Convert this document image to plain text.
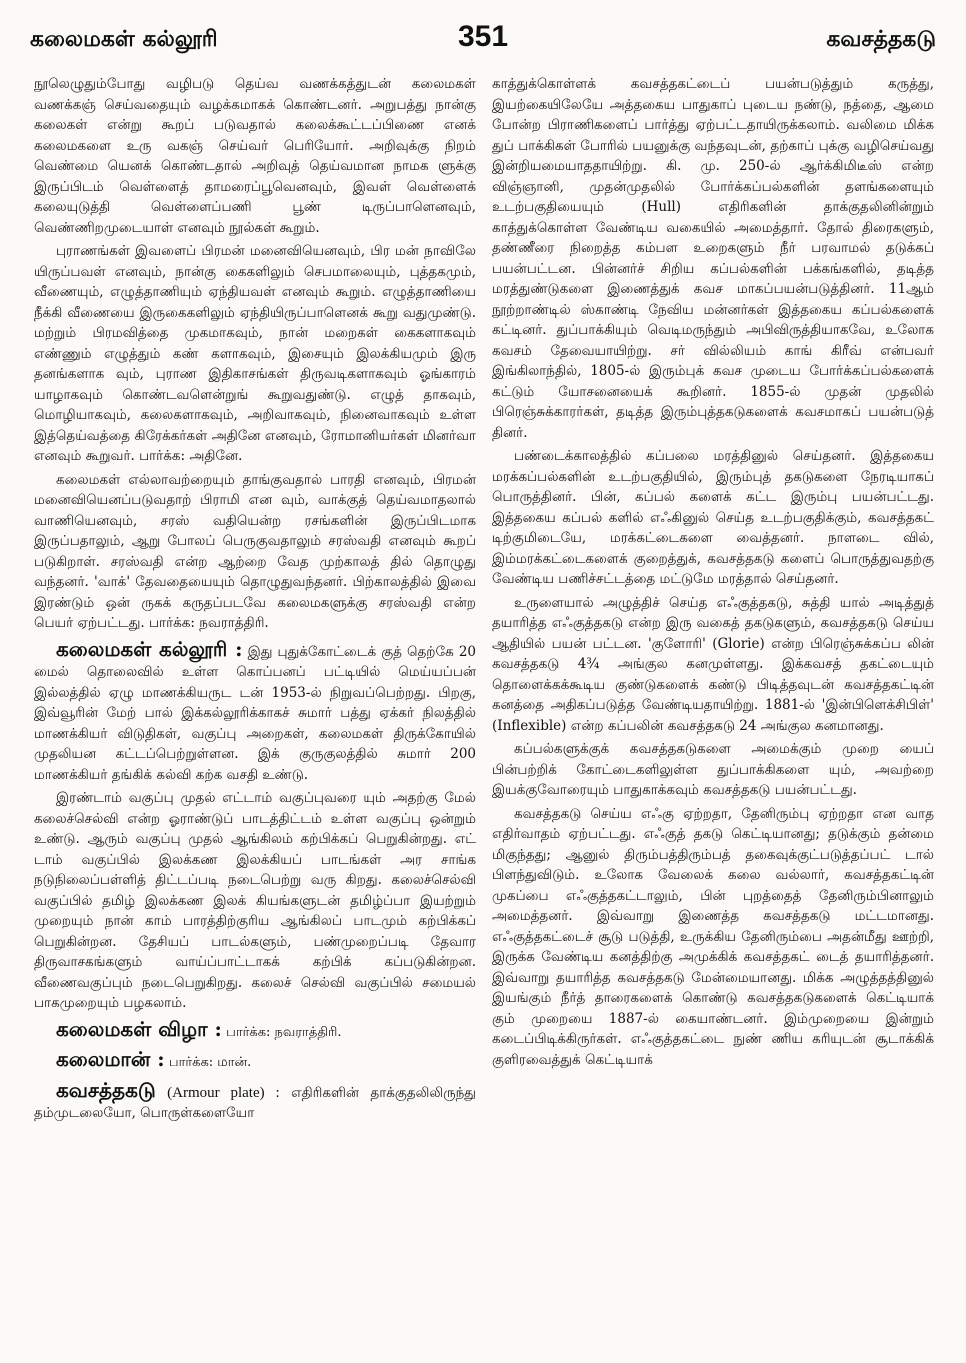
கலைமகள் கல்லூரி	351	கவசத்தகடு

நூலெழுதும்போது வழிபடு தெய்வ வணக்கத்துடன் கலைமகள் வணக்கஞ் செய்வதையும் வழக்கமாகக் கொண்டனர். அறுபத்து நான்கு கலைகள் என்று கூறப் படுவதால் கலைக்கூட்டப்பிணை எனக் கலைமகளை உரு வகஞ் செய்வர் பெரியோர். அறிவுக்கு நிறம் வெண்மை யெனக் கொண்டதால் அறிவுத் தெய்வமான நாமக ளுக்கு இருப்பிடம் வெள்ளைத் தாமரைப்பூவெனவும், இவள் வெள்ளைக் கலையுடுத்தி வெள்ளைப்பணி பூண் டிருப்பாளெனவும், வெண்ணிறமுடையாள் எனவும் நூல்கள் கூறும்.

புராணங்கள் இவளைப் பிரமன் மனைவியெனவும், பிர மன் நாவிலே யிருப்பவள் எனவும், நான்கு கைகளிலும் செபமாலையும், புத்தகமும், வீணையும், எழுத்தாணியும் ஏந்தியவள் எனவும் கூறும். எழுத்தாணியை நீக்கி வீணையை இருகைகளிலும் ஏந்தியிருப்பாளெனக் கூறு வதுமுண்டு. மற்றும் பிரமவித்தை முகமாகவும், நான் மறைகள் கைகளாகவும் எண்ணும் எழுத்தும் கண் களாகவும், இசையும் இலக்கியமும் இரு தனங்களாக வும், புராண இதிகாசங்கள் திருவடிகளாகவும் ஓங்காரம் யாழாகவும் கொண்டவளென்றுங் கூறுவதுண்டு. எழுத் தாகவும், மொழியாகவும், கலைகளாகவும், அறிவாகவும், நினைவாகவும் உள்ள இத்தெய்வத்தை கிரேக்கர்கள் அதினே எனவும், ரோமானியர்கள் மினர்வா எனவும் கூறுவர். பார்க்க: அதினே.

கலைமகள் எல்லாவற்றையும் தாங்குவதால் பாரதி எனவும், பிரமன் மனைவியெனப்படுவதாற் பிராமி என வும், வாக்குத் தெய்வமாதலால் வாணியெனவும், சரஸ் வதியென்ற ரசங்களின் இருப்பிடமாக இருப்பதாலும், ஆறு போலப் பெருகுவதாலும் சரஸ்வதி எனவும் கூறப் படுகிறாள். சரஸ்வதி என்ற ஆற்றை வேத முற்காலத் தில் தொழுது வந்தனர். 'வாக்' தேவதையையும் தொழுதுவந்தனர். பிற்காலத்தில் இவை இரண்டும் ஒன் ருகக் கருதப்படவே கலைமகளுக்கு சரஸ்வதி என்ற பெயர் ஏற்பட்டது. பார்க்க: நவராத்திரி.

கலைமகள் கல்லூரி : இது புதுக்கோட்டைக் குத் தெற்கே 20 மைல் தொலைவில் உள்ள கொப்பனப் பட்டியில் மெய்யப்பன் இல்லத்தில் ஏழு மாணக்கியருட டன் 1953-ல் நிறுவப்பெற்றது. பிறகு, இவ்வூரின் மேற் பால் இக்கல்லூரிக்காகச் சுமார் பத்து ஏக்கர் நிலத்தில் மாணக்கியர் விடுதிகள், வகுப்பு அறைகள், கலைமகள் திருக்கோயில் முதலியன கட்டப்பெற்றுள்ளன. இக் குருகுலத்தில் சுமார் 200 மாணக்கியர் தங்கிக் கல்வி கற்க வசதி உண்டு.

இரண்டாம் வகுப்பு முதல் எட்டாம் வகுப்புவரை யும் அதற்கு மேல் கலைச்செல்வி என்ற ஓராண்டுப் பாடத்திட்டம் உள்ள வகுப்பு ஒன்றும் உண்டு. ஆரும் வகுப்பு முதல் ஆங்கிலம் கற்பிக்கப் பெறுகின்றது. எட் டாம் வகுப்பில் இலக்கண இலக்கியப் பாடங்கள் அர சாங்க நடுநிலைப்பள்ளித் திட்டப்படி நடைபெற்று வரு கிறது. கலைச்செல்வி வகுப்பில் தமிழ் இலக்கண இலக் கியங்களுடன் தமிழ்ப்பா இயற்றும் முறையும் நான் காம் பாரத்திற்குரிய ஆங்கிலப் பாடமும் கற்பிக்கப் பெறுகின்றன. தேசியப் பாடல்களும், பண்முறைப்படி தேவார திருவாசகங்களும் வாய்ப்பாட்டாகக் கற்பிக் கப்படுகின்றன. வீணைவகுப்பும் நடைபெறுகிறது. கலைச் செல்வி வகுப்பில் சமையல் பாகமுறையும் பழகலாம்.

கலைமகள் விழா : பார்க்க: நவராத்திரி.

கலைமான் : பார்க்க: மான்.

கவசத்தகடு (Armour plate) : எதிரிகளின் தாக்குதலிலிருந்து தம்முடலையோ, பொருள்களையோ

காத்துக்கொள்ளக் கவசத்தகட்டைப் பயன்படுத்தும் கருத்து, இயற்கையிலேயே அத்தகைய பாதுகாப் புடைய நண்டு, நத்தை, ஆமை போன்ற பிராணிகளைப் பார்த்து ஏற்பட்டதாயிருக்கலாம். வலிமை மிக்க துப் பாக்கிகள் போரில் பயனுக்கு வந்தவுடன், தற்காப் புக்கு வழிசெய்வது இன்றியமையாததாயிற்று. கி. மு. 250-ல் ஆர்க்கிமிடீஸ் என்ற விஞ்ஞானி, முதன்முதலில் போர்க்கப்பல்களின் தளங்களையும் உடற்பகுதியையும் (Hull) எதிரிகளின் தாக்குதலினின்றும் காத்துக்கொள்ள வேண்டிய வகையில் அமைத்தார். தோல் திரைகளும், தண்ணீரை நிறைத்த கம்பள உறைகளும் நீர் பரவாமல் தடுக்கப் பயன்பட்டன. பின்னர்ச் சிறிய கப்பல்களின் பக்கங்களில், தடித்த மரத்துண்டுகளை இணைத்துக் கவச மாகப்பயன்படுத்தினர். 11ஆம் நூற்றாண்டில் ஸ்காண்டி நேவிய மன்னர்கள் இத்தகைய கப்பல்களைக் கட்டினர். துப்பாக்கியும் வெடிமருந்தும் அபிவிருத்தியாகவே, உலோக கவசம் தேவையாயிற்று. சர் வில்லியம் காங் கிரீவ் என்பவர் இங்கிலாந்தில், 1805-ல் இரும்புக் கவச முடைய போர்க்கப்பல்களைக் கட்டும் யோசனையைக் கூறினர். 1855-ல் முதன் முதலில் பிரெஞ்சுக்காரர்கள், தடித்த இரும்புத்தகடுகளைக் கவசமாகப் பயன்படுத் தினர்.

பண்டைக்காலத்தில் கப்பலை மரத்தினுல் செய்தனர். இத்தகைய மரக்கப்பல்களின் உடற்பகுதியில், இரும்புத் தகடுகளை நேரடியாகப் பொருத்தினர். பின், கப்பல் களைக் கட்ட இரும்பு பயன்பட்டது. இத்தகைய கப்பல் களில் எஃகினுல் செய்த உடற்பகுதிக்கும், கவசத்தகட் டிற்குமிடையே, மரக்கட்டைகளை வைத்தனர். நாளடை வில், இம்மரக்கட்டைகளைக் குறைத்துக், கவசத்தகடு களைப் பொருத்துவதற்கு வேண்டிய பணிச்சட்டத்தை மட்டுமே மரத்தால் செய்தனர்.

உருளையால் அழுத்திச் செய்த எஃகுத்தகடு, சுத்தி யால் அடித்துத் தயாரித்த எஃகுத்தகடு என்ற இரு வகைத் தகடுகளும், கவசத்தகடு செய்ய ஆதியில் பயன் பட்டன. 'குளோரி' (Glorie) என்ற பிரெஞ்சுக்கப்ப லின் கவசத்தகடு 4¾ அங்குல கனமுள்ளது. இக்கவசத் தகட்டையும் தொளைக்கக்கூடிய குண்டுகளைக் கண்டு பிடித்தவுடன் கவசத்தகட்டின் கனத்தை அதிகப்படுத்த வேண்டியதாயிற்று. 1881-ல் 'இன்பிளெக்சிபிள்' (Inflexible) என்ற கப்பலின் கவசத்தகடு 24 அங்குல கனமானது.

கப்பல்களுக்குக் கவசத்தகடுகளை அமைக்கும் முறை யைப் பின்பற்றிக் கோட்டைகளிலுள்ள துப்பாக்கிகளை யும், அவற்றை இயக்குவோரையும் பாதுகாக்கவும் கவசத்தகடு பயன்பட்டது.

கவசத்தகடு செய்ய எஃகு ஏற்றதா, தேனிரும்பு ஏற்றதா என வாத எதிர்வாதம் ஏற்பட்டது. எஃகுத் தகடு கெட்டியானது; தடுக்கும் தன்மை மிகுந்தது; ஆனுல் திரும்பத்திரும்பத் தகைவுக்குட்படுத்தப்பட் டால் பிளந்துவிடும். உலோக வேலைக் கலை வல்லார், கவசத்தகட்டின் முகப்பை எஃகுத்தகட்டாலும், பின் புறத்தைத் தேனிரும்பினாலும் அமைத்தனர். இவ்வாறு இணைத்த கவசத்தகடு மட்டமானது. எஃகுத்தகட்டைச் சூடு படுத்தி, உருக்கிய தேனிரும்பை அதன்மீது ஊற்றி, இருக்க வேண்டிய கனத்திற்கு அமுக்கிக் கவசத்தகட் டைத் தயாரித்தனர். இவ்வாறு தயாரித்த கவசத்தகடு மேன்மையானது. மிக்க அழுத்தத்தினுல் இயங்கும் நீர்த் தாரைகளைக் கொண்டு கவசத்தகடுகளைக் கெட்டியாக் கும் முறையை 1887-ல் கையாண்டனர். இம்முறையை இன்றும் கடைப்பிடிக்கிருர்கள். எஃகுத்தகட்டை நுண் ணிய கரியுடன் சூடாக்கிக் குளிரவைத்துக் கெட்டியாக்
